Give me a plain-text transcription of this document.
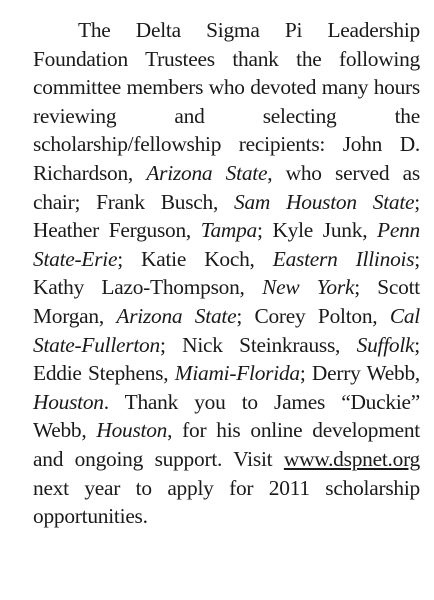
The Delta Sigma Pi Leadership Foundation Trustees thank the following committee members who devoted many hours reviewing and selecting the scholarship/fellowship recipients: John D. Richardson, Arizona State, who served as chair; Frank Busch, Sam Houston State; Heather Ferguson, Tampa; Kyle Junk, Penn State-Erie; Katie Koch, Eastern Illinois; Kathy Lazo-Thompson, New York; Scott Morgan, Arizona State; Corey Polton, Cal State-Fullerton; Nick Steinkrauss, Suffolk; Eddie Stephens, Miami-Florida; Derry Webb, Houston. Thank you to James “Duckie” Webb, Houston, for his online development and ongoing support. Visit www.dspnet.org next year to apply for 2011 scholarship opportunities.
